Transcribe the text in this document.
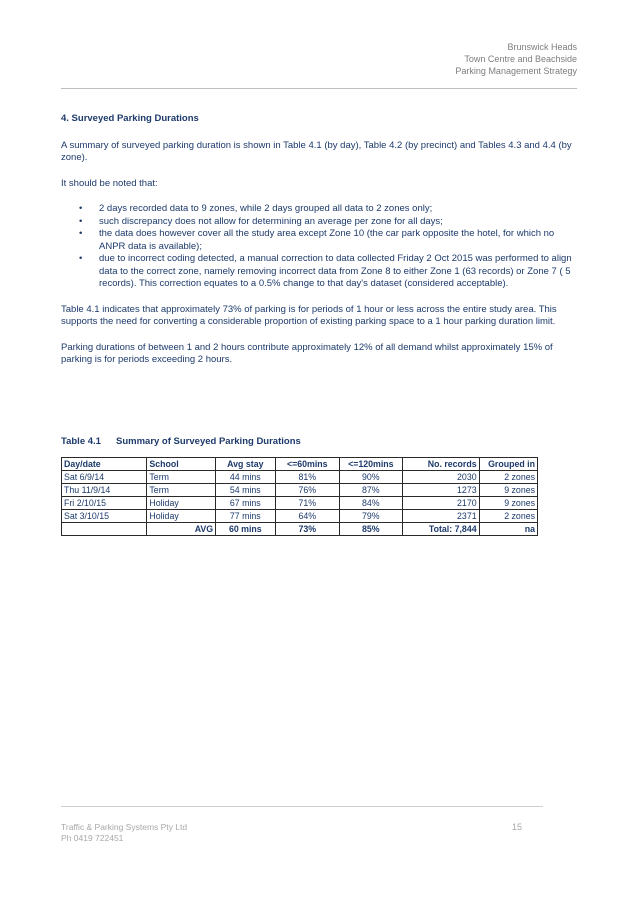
Brunswick Heads
Town Centre and Beachside
Parking Management Strategy
4. Surveyed Parking Durations

A summary of surveyed parking duration is shown in Table 4.1 (by day), Table 4.2 (by precinct) and Tables 4.3 and 4.4 (by zone).

It should be noted that:

• 2 days recorded data to 9 zones, while 2 days grouped all data to 2 zones only;
• such discrepancy does not allow for determining an average per zone for all days;
• the data does however cover all the study area except Zone 10 (the car park opposite the hotel, for which no ANPR data is available);
• due to incorrect coding detected, a manual correction to data collected Friday 2 Oct 2015 was performed to align data to the correct zone, namely removing incorrect data from Zone 8 to either Zone 1 (63 records) or Zone 7 ( 5 records). This correction equates to a 0.5% change to that day's dataset (considered acceptable).

Table 4.1 indicates that approximately 73% of parking is for periods of 1 hour or less across the entire study area. This supports the need for converting a considerable proportion of existing parking space to a 1 hour parking duration limit.

Parking durations of between 1 and 2 hours contribute approximately 12% of all demand whilst approximately 15% of parking is for periods exceeding 2 hours.

Table 4.1 Summary of Surveyed Parking Durations
Day/date	School	Avg stay	<=60mins	<=120mins	No. records	Grouped in
Sat 6/9/14	Term	44 mins	81%	90%	2030	2 zones
Thu 11/9/14	Term	54 mins	76%	87%	1273	9 zones
Fri 2/10/15	Holiday	67 mins	71%	84%	2170	9 zones
Sat 3/10/15	Holiday	77 mins	64%	79%	2371	2 zones
	AVG	60 mins	73%	85%	Total: 7,844	na
Traffic & Parking Systems Pty Ltd
Ph 0419 722451
15
